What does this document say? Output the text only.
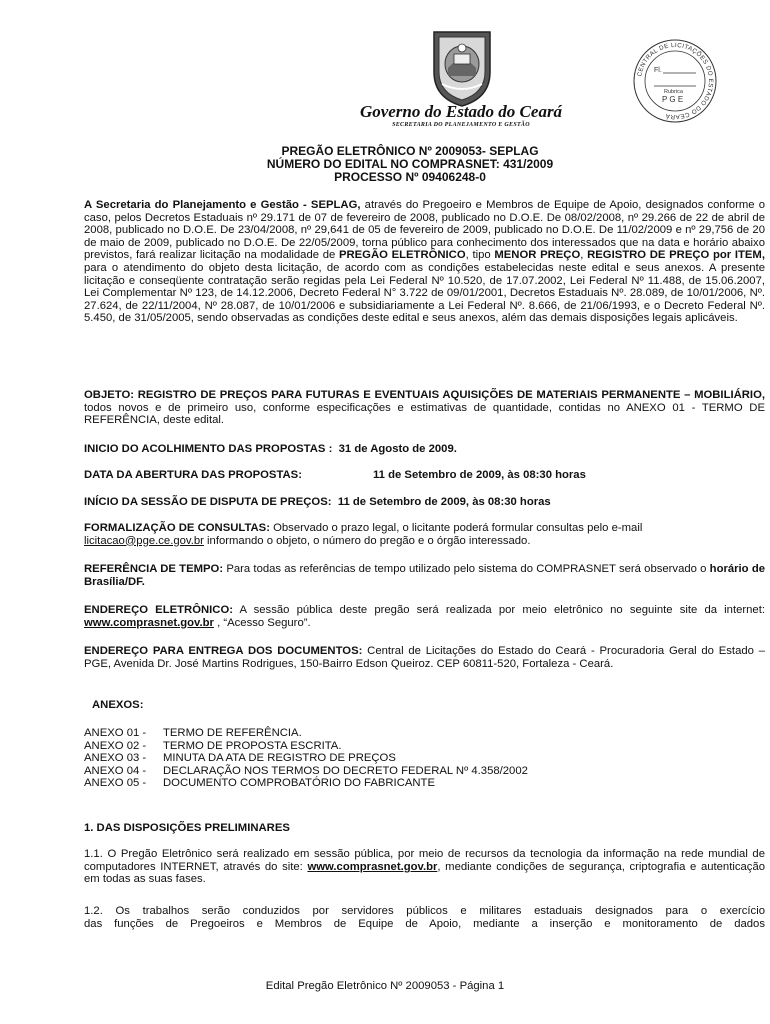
CENTRAL DE LICITAÇÕES DO ESTADO DO CEARÁ
Fl.
Rubrica
P G E
Governo do Estado do Ceará
SECRETARIA DO PLANEJAMENTO E GESTÃO
PREGÃO ELETRÔNICO Nº 2009053- SEPLAG
NÚMERO DO EDITAL NO COMPRASNET: 431/2009
PROCESSO Nº 09406248-0
A Secretaria do Planejamento e Gestão - SEPLAG, através do Pregoeiro e Membros de Equipe de Apoio, designados conforme o caso, pelos Decretos Estaduais nº 29.171 de 07 de fevereiro de 2008, publicado no D.O.E. De 08/02/2008, nº 29.266 de 22 de abril de 2008, publicado no D.O.E. De 23/04/2008, nº 29,641 de 05 de fevereiro de 2009, publicado no D.O.E. De 11/02/2009 e nº 29,756 de 20 de maio de 2009, publicado no D.O.E. De 22/05/2009, torna público para conhecimento dos interessados que na data e horário abaixo previstos, fará realizar licitação na modalidade de PREGÃO ELETRÔNICO, tipo MENOR PREÇO, REGISTRO DE PREÇO por ITEM, para o atendimento do objeto desta licitação, de acordo com as condições estabelecidas neste edital e seus anexos. A presente licitação e conseqüente contratação serão regidas pela Lei Federal Nº 10.520, de 17.07.2002, Lei Federal Nº 11.488, de 15.06.2007, Lei Complementar Nº 123, de 14.12.2006, Decreto Federal N° 3.722 de 09/01/2001, Decretos Estaduais Nº. 28.089, de 10/01/2006, Nº. 27.624, de 22/11/2004, Nº 28.087, de 10/01/2006 e subsidiariamente a Lei Federal Nº. 8.666, de 21/06/1993, e o Decreto Federal Nº. 5.450, de 31/05/2005, sendo observadas as condições deste edital e seus anexos, além das demais disposições legais aplicáveis.
OBJETO: REGISTRO DE PREÇOS PARA FUTURAS E EVENTUAIS AQUISIÇÕES DE MATERIAIS PERMANENTE – MOBILIÁRIO, todos novos e de primeiro uso, conforme especificações e estimativas de quantidade, contidas no ANEXO 01 - TERMO DE REFERÊNCIA, deste edital.
INICIO DO ACOLHIMENTO DAS PROPOSTAS : 31 de Agosto de 2009.
DATA DA ABERTURA DAS PROPOSTAS:	11 de Setembro de 2009, às 08:30 horas
INÍCIO DA SESSÃO DE DISPUTA DE PREÇOS: 11 de Setembro de 2009, às 08:30 horas
FORMALIZAÇÃO DE CONSULTAS: Observado o prazo legal, o licitante poderá formular consultas pelo e-mail
licitacao@pge.ce.gov.br informando o objeto, o número do pregão e o órgão interessado.
REFERÊNCIA DE TEMPO: Para todas as referências de tempo utilizado pelo sistema do COMPRASNET será observado o horário de Brasília/DF.
ENDEREÇO ELETRÔNICO: A sessão pública deste pregão será realizada por meio eletrônico no seguinte site da internet: www.comprasnet.gov.br , “Acesso Seguro”.
ENDEREÇO PARA ENTREGA DOS DOCUMENTOS: Central de Licitações do Estado do Ceará - Procuradoria Geral do Estado – PGE, Avenida Dr. José Martins Rodrigues, 150-Bairro Edson Queiroz. CEP 60811-520, Fortaleza - Ceará.
ANEXOS:
ANEXO 01 - TERMO DE REFERÊNCIA.
ANEXO 02 - TERMO DE PROPOSTA ESCRITA.
ANEXO 03 - MINUTA DA ATA DE REGISTRO DE PREÇOS
ANEXO 04 - DECLARAÇÃO NOS TERMOS DO DECRETO FEDERAL Nº 4.358/2002
ANEXO 05 - DOCUMENTO COMPROBATÓRIO DO FABRICANTE
1. DAS DISPOSIÇÕES PRELIMINARES
1.1. O Pregão Eletrônico será realizado em sessão pública, por meio de recursos da tecnologia da informação na rede mundial de computadores INTERNET, através do site: www.comprasnet.gov.br, mediante condições de segurança, criptografia e autenticação em todas as suas fases.
1.2. Os trabalhos serão conduzidos por servidores públicos e militares estaduais designados para o exercício
das funções de Pregoeiros e Membros de Equipe de Apoio, mediante a inserção e monitoramento de dados
Edital Pregão Eletrônico Nº 2009053 - Página 1
